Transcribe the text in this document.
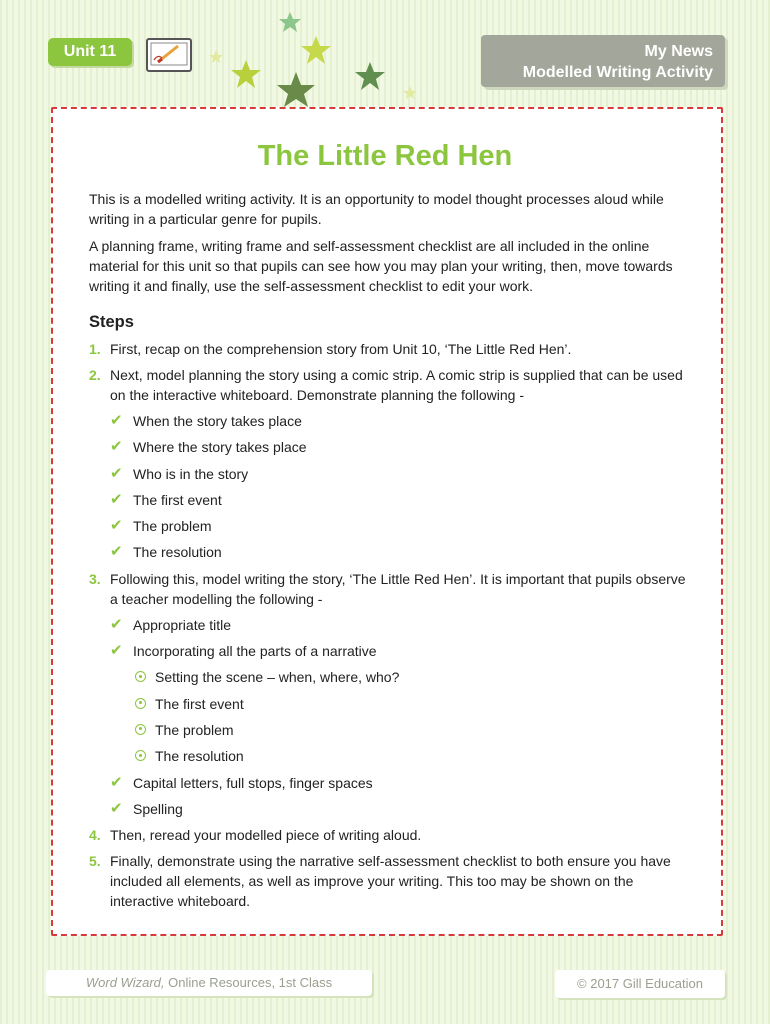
Unit 11	My News
Modelled Writing Activity
The Little Red Hen

This is a modelled writing activity. It is an opportunity to model thought processes aloud while writing in a particular genre for pupils.

A planning frame, writing frame and self-assessment checklist are all included in the online material for this unit so that pupils can see how you may plan your writing, then, move towards writing it and finally, use the self-assessment checklist to edit your work.

Steps
1. First, recap on the comprehension story from Unit 10, ‘The Little Red Hen’.
2. Next, model planning the story using a comic strip. A comic strip is supplied that can be used on the interactive whiteboard. Demonstrate planning the following -
✔ When the story takes place
✔ Where the story takes place
✔ Who is in the story
✔ The first event
✔ The problem
✔ The resolution
3. Following this, model writing the story, ‘The Little Red Hen’. It is important that pupils observe a teacher modelling the following -
✔ Appropriate title
✔ Incorporating all the parts of a narrative
Setting the scene – when, where, who?
The first event
The problem
The resolution
✔ Capital letters, full stops, finger spaces
✔ Spelling
4. Then, reread your modelled piece of writing aloud.
5. Finally, demonstrate using the narrative self-assessment checklist to both ensure you have included all elements, as well as improve your writing. This too may be shown on the interactive whiteboard.
Word Wizard, Online Resources, 1st Class	© 2017 Gill Education
